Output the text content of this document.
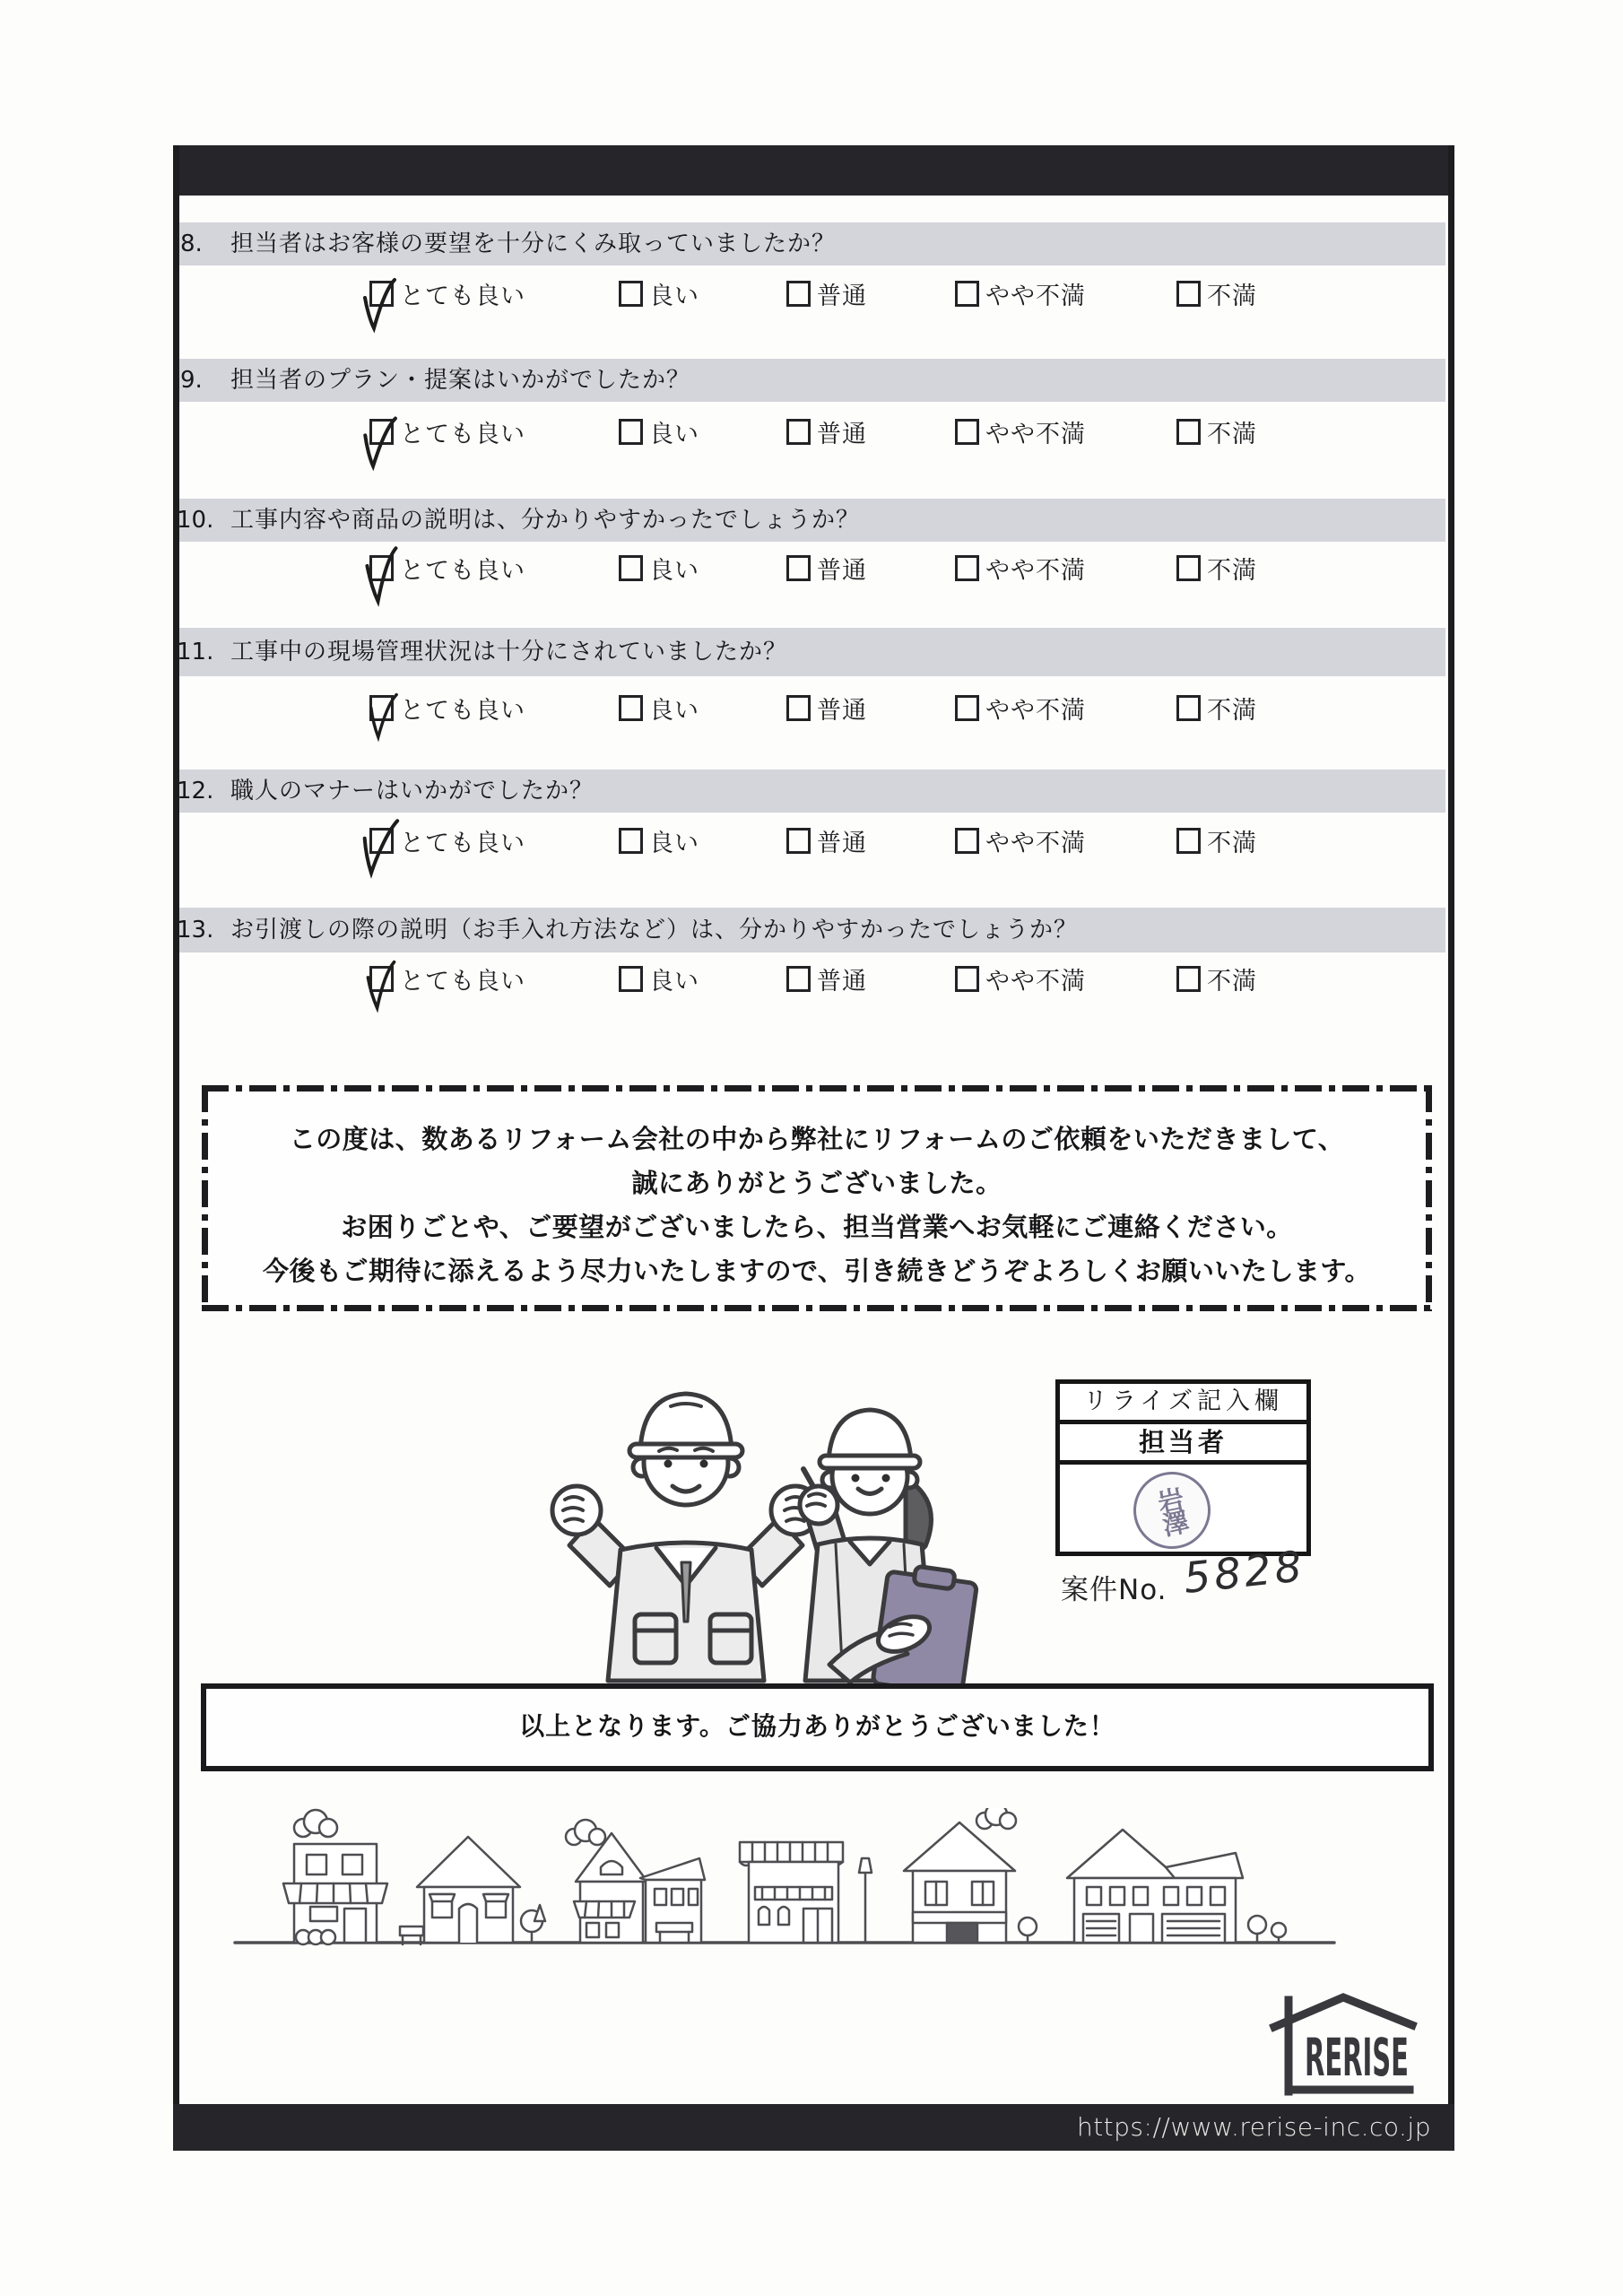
8.	担当者はお客様の要望を十分にくみ取っていましたか？
とても良い	良い	普通	やや不満	不満
9.	担当者のプラン・提案はいかがでしたか？
とても良い	良い	普通	やや不満	不満
10. 工事内容や商品の説明は、分かりやすかったでしょうか？
とても良い	良い	普通	やや不満	不満
11. 工事中の現場管理状況は十分にされていましたか？
とても良い	良い	普通	やや不満	不満
12. 職人のマナーはいかがでしたか？
とても良い	良い	普通	やや不満	不満
13. お引渡しの際の説明（お手入れ方法など）は、分かりやすかったでしょうか？
とても良い	良い	普通	やや不満	不満
この度は、数あるリフォーム会社の中から弊社にリフォームのご依頼をいただきまして、
誠にありがとうございました。
お困りごとや、ご要望がございましたら、担当営業へお気軽にご連絡ください。
今後もご期待に添えるよう尽力いたしますので、引き続きどうぞよろしくお願いいたします。
リライズ記入欄
担当者
岩澤
案件No. 5828
以上となります。ご協力ありがとうございました！
RERISE
https://www.rerise-inc.co.jp
